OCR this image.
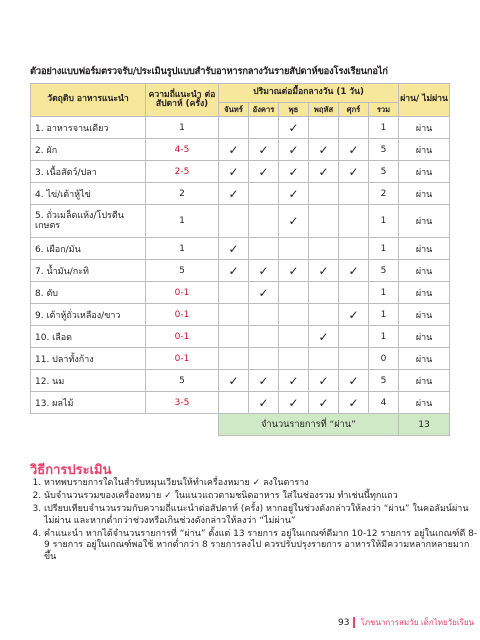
ตัวอย่างแบบฟอร์มตรวจรับ/ประเมินรูปแบบสำรับอาหารกลางวันรายสัปดาห์ของโรงเรียนกอไก่
วัตถุดิบ อาหารแนะนำ	ความถี่แนะนำ ต่อสัปดาห์ (ครั้ง)	ปริมาณต่อมื้อกลางวัน (1 วัน)						ผ่าน/ ไม่ผ่าน
		จันทร์	อังคาร	พุธ	พฤหัส	ศุกร์	รวม	
1. อาหารจานเดียว	1			✓			1	ผ่าน
2. ผัก	4-5	✓	✓	✓	✓	✓	5	ผ่าน
3. เนื้อสัตว์/ปลา	2-5	✓	✓	✓	✓	✓	5	ผ่าน
4. ไข่/เต้าหู้ไข่	2	✓		✓			2	ผ่าน
5. ถั่วเมล็ดแห้ง/โปรตีน เกษตร	1			✓			1	ผ่าน
6. เผือก/มัน	1	✓					1	ผ่าน
7. น้ำมัน/กะทิ	5	✓	✓	✓	✓	✓	5	ผ่าน
8. ตับ	0-1		✓				1	ผ่าน
9. เต้าหู้ถั่วเหลือง/ขาว	0-1					✓	1	ผ่าน
10. เลือด	0-1				✓		1	ผ่าน
11. ปลาทั้งก้าง	0-1						0	ผ่าน
12. นม	5	✓	✓	✓	✓	✓	5	ผ่าน
13. ผลไม้	3-5		✓	✓	✓	✓	4	ผ่าน
		จำนวนรายการที่ “ผ่าน”						13
วิธีการประเมิน
1. หาทพบรายการใดในสำรับหมุนเวียนให้ทำเครื่องหมาย ✓ ลงในตาราง
2. นับจำนวนรวมของเครื่องหมาย ✓ ในแนวแถวตามชนิดอาหาร ใส่ในช่องรวม ทำเช่นนี้ทุกแถว
3. เปรียบเทียบจำนวนรวมกับความถี่แนะนำต่อสัปดาห์ (ครั้ง) หากอยู่ในช่วงดังกล่าวให้ลงว่า “ผ่าน” ในคอลัมน์ผ่าน ไม่ผ่าน และหากต่ำกว่าช่วงหรือเกินช่วงดังกล่าวให้ลงว่า “ไม่ผ่าน”
4. คำแนะนำ หากได้จำนวนรายการที่ “ผ่าน” ตั้งแต่ 13 รายการ อยู่ในเกณฑ์ดีมาก 10-12 รายการ อยู่ในเกณฑ์ดี 8-9 รายการ อยู่ในเกณฑ์พอใช้ หากต่ำกว่า 8 รายการลงไป ควรปรับปรุงรายการ อาหารให้มีความหลากหลายมากขึ้น
93 โภชนาการสมวัย เด็กไทยวัยเรียน
